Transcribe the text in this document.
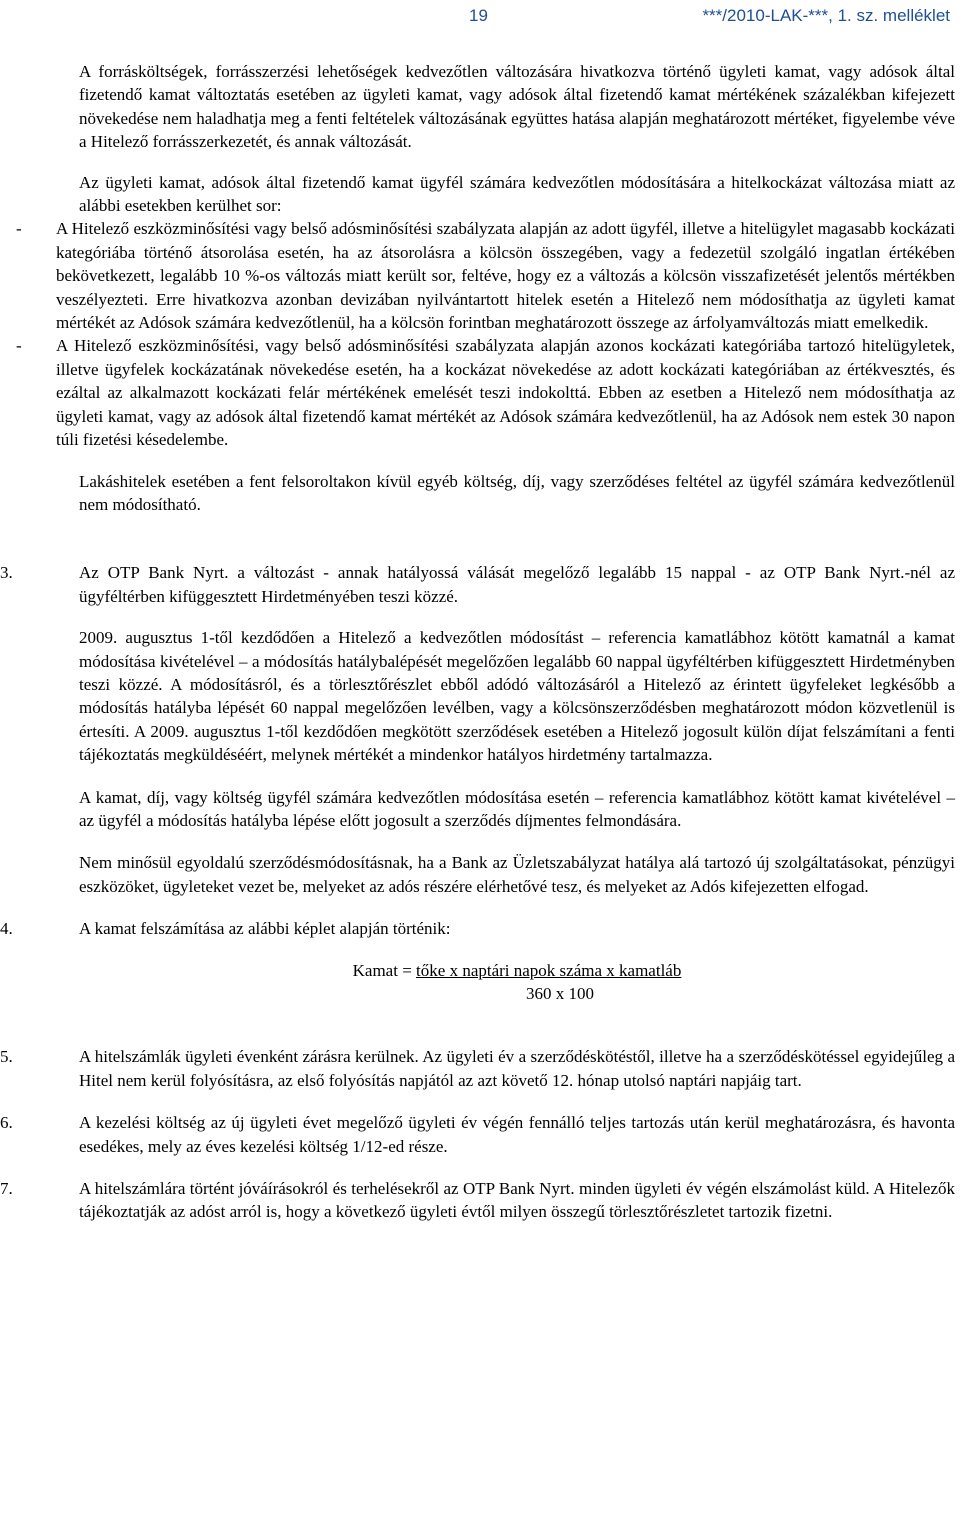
19	***/2010-LAK-***, 1. sz. melléklet

A forrásköltségek, forrásszerzési lehetőségek kedvezőtlen változására hivatkozva történő ügyleti kamat, vagy adósok által fizetendő kamat változtatás esetében az ügyleti kamat, vagy adósok által fizetendő kamat mértékének százalékban kifejezett növekedése nem haladhatja meg a fenti feltételek változásának együttes hatása alapján meghatározott mértéket, figyelembe véve a Hitelező forrásszerkezetét, és annak változását.

Az ügyleti kamat, adósok által fizetendő kamat ügyfél számára kedvezőtlen módosítására a hitelkockázat változása miatt az alábbi esetekben kerülhet sor:

- A Hitelező eszközminősítési vagy belső adósminősítési szabályzata alapján az adott ügyfél, illetve a hitelügylet magasabb kockázati kategóriába történő átsorolása esetén, ha az átsorolásra a kölcsön összegében, vagy a fedezetül szolgáló ingatlan értékében bekövetkezett, legalább 10 %-os változás miatt került sor, feltéve, hogy ez a változás a kölcsön visszafizetését jelentős mértékben veszélyezteti. Erre hivatkozva azonban devizában nyilvántartott hitelek esetén a Hitelező nem módosíthatja az ügyleti kamat mértékét az Adósok számára kedvezőtlenül, ha a kölcsön forintban meghatározott összege az árfolyamváltozás miatt emelkedik.
- A Hitelező eszközminősítési, vagy belső adósminősítési szabályzata alapján azonos kockázati kategóriába tartozó hitelügyletek, illetve ügyfelek kockázatának növekedése esetén, ha a kockázat növekedése az adott kockázati kategóriában az értékvesztés, és ezáltal az alkalmazott kockázati felár mértékének emelését teszi indokolttá. Ebben az esetben a Hitelező nem módosíthatja az ügyleti kamat, vagy az adósok által fizetendő kamat mértékét az Adósok számára kedvezőtlenül, ha az Adósok nem estek 30 napon túli fizetési késedelembe.

Lakáshitelek esetében a fent felsoroltakon kívül egyéb költség, díj, vagy szerződéses feltétel az ügyfél számára kedvezőtlenül nem módosítható.

3.	Az OTP Bank Nyrt. a változást - annak hatályossá válását megelőző legalább 15 nappal - az OTP Bank Nyrt.-nél az ügyféltérben kifüggesztett Hirdetményében teszi közzé.

2009. augusztus 1-től kezdődően a Hitelező a kedvezőtlen módosítást – referencia kamatlábhoz kötött kamatnál a kamat módosítása kivételével – a módosítás hatálybalépését megelőzően legalább 60 nappal ügyféltérben kifüggesztett Hirdetményben teszi közzé. A módosításról, és a törlesztőrészlet ebből adódó változásáról a Hitelező az érintett ügyfeleket legkésőbb a módosítás hatályba lépését 60 nappal megelőzően levélben, vagy a kölcsönszerződésben meghatározott módon közvetlenül is értesíti. A 2009. augusztus 1-től kezdődően megkötött szerződések esetében a Hitelező jogosult külön díjat felszámítani a fenti tájékoztatás megküldéséért, melynek mértékét a mindenkor hatályos hirdetmény tartalmazza.

A kamat, díj, vagy költség ügyfél számára kedvezőtlen módosítása esetén – referencia kamatlábhoz kötött kamat kivételével – az ügyfél a módosítás hatályba lépése előtt jogosult a szerződés díjmentes felmondására.

Nem minősül egyoldalú szerződésmódosításnak, ha a Bank az Üzletszabályzat hatálya alá tartozó új szolgáltatásokat, pénzügyi eszközöket, ügyleteket vezet be, melyeket az adós részére elérhetővé tesz, és melyeket az Adós kifejezetten elfogad.

4.	A kamat felszámítása az alábbi képlet alapján történik:

Kamat = tőke x naptári napok száma x kamatláb
360 x 100
5.	A hitelszámlák ügyleti évenként zárásra kerülnek. Az ügyleti év a szerződéskötéstől, illetve ha a szerződéskötéssel egyidejűleg a Hitel nem kerül folyósításra, az első folyósítás napjától az azt követő 12. hónap utolsó naptári napjáig tart.

6.	A kezelési költség az új ügyleti évet megelőző ügyleti év végén fennálló teljes tartozás után kerül meghatározásra, és havonta esedékes, mely az éves kezelési költség 1/12-ed része.

7.	A hitelszámlára történt jóváírásokról és terhelésekről az OTP Bank Nyrt. minden ügyleti év végén elszámolást küld. A Hitelezők tájékoztatják az adóst arról is, hogy a következő ügyleti évtől milyen összegű törlesztőrészletet tartozik fizetni.
